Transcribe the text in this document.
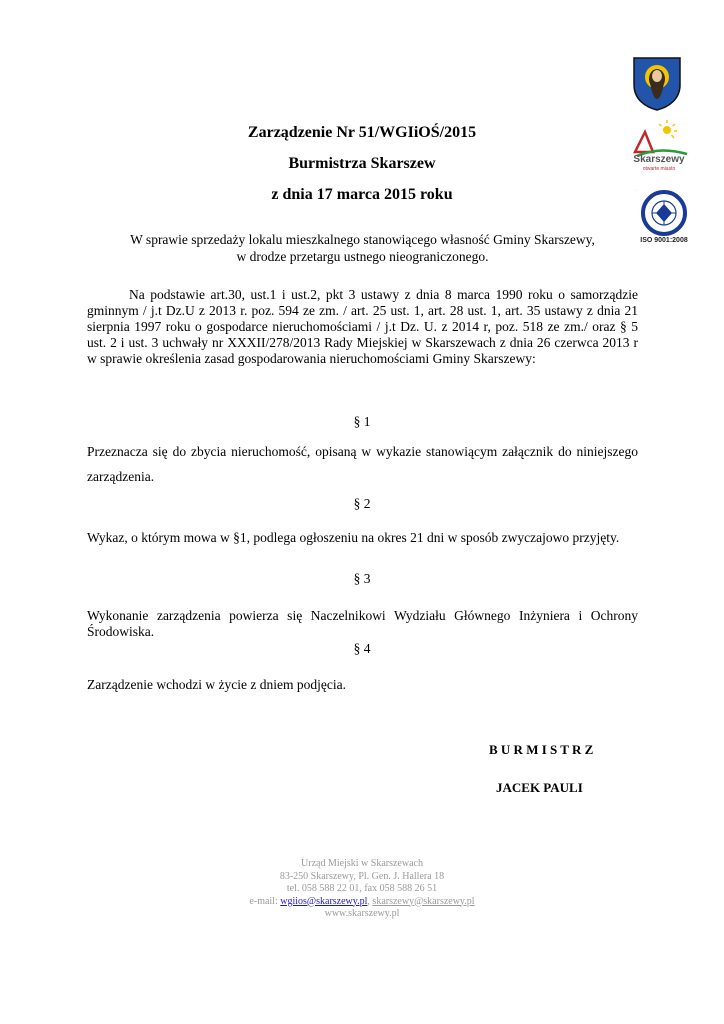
Skarszewy
otwarte miasto
ISO 9001:2008
Zarządzenie Nr 51/WGIiOŚ/2015
Burmistrza Skarszew
z dnia 17 marca 2015 roku
W sprawie sprzedaży lokalu mieszkalnego stanowiącego własność Gminy Skarszewy,
w drodze przetargu ustnego nieograniczonego.
Na podstawie art.30, ust.1 i ust.2, pkt 3 ustawy z dnia 8 marca 1990 roku o samorządzie gminnym / j.t Dz.U z 2013 r. poz. 594 ze zm. / art. 25 ust. 1, art. 28 ust. 1, art. 35 ustawy z dnia 21 sierpnia 1997 roku o gospodarce nieruchomościami / j.t Dz. U. z 2014 r, poz. 518 ze zm./ oraz § 5 ust. 2 i ust. 3 uchwały nr XXXII/278/2013 Rady Miejskiej w Skarszewach z dnia 26 czerwca 2013 r w sprawie określenia zasad gospodarowania nieruchomościami Gminy Skarszewy:
§ 1
Przeznacza się do zbycia nieruchomość, opisaną w wykazie stanowiącym załącznik do niniejszego zarządzenia.
§ 2
Wykaz, o którym mowa w §1, podlega ogłoszeniu na okres 21 dni w sposób zwyczajowo przyjęty.
§ 3
Wykonanie zarządzenia powierza się Naczelnikowi Wydziału Głównego Inżyniera i Ochrony Środowiska.
§ 4
Zarządzenie wchodzi w życie z dniem podjęcia.
B U R M I S T R Z
JACEK PAULI
Urząd Miejski w Skarszewach
83-250 Skarszewy, Pl. Gen. J. Hallera 18
tel. 058 588 22 01, fax 058 588 26 51
e-mail: wgiios@skarszewy.pl, skarszewy@skarszewy.pl
www.skarszewy.pl
